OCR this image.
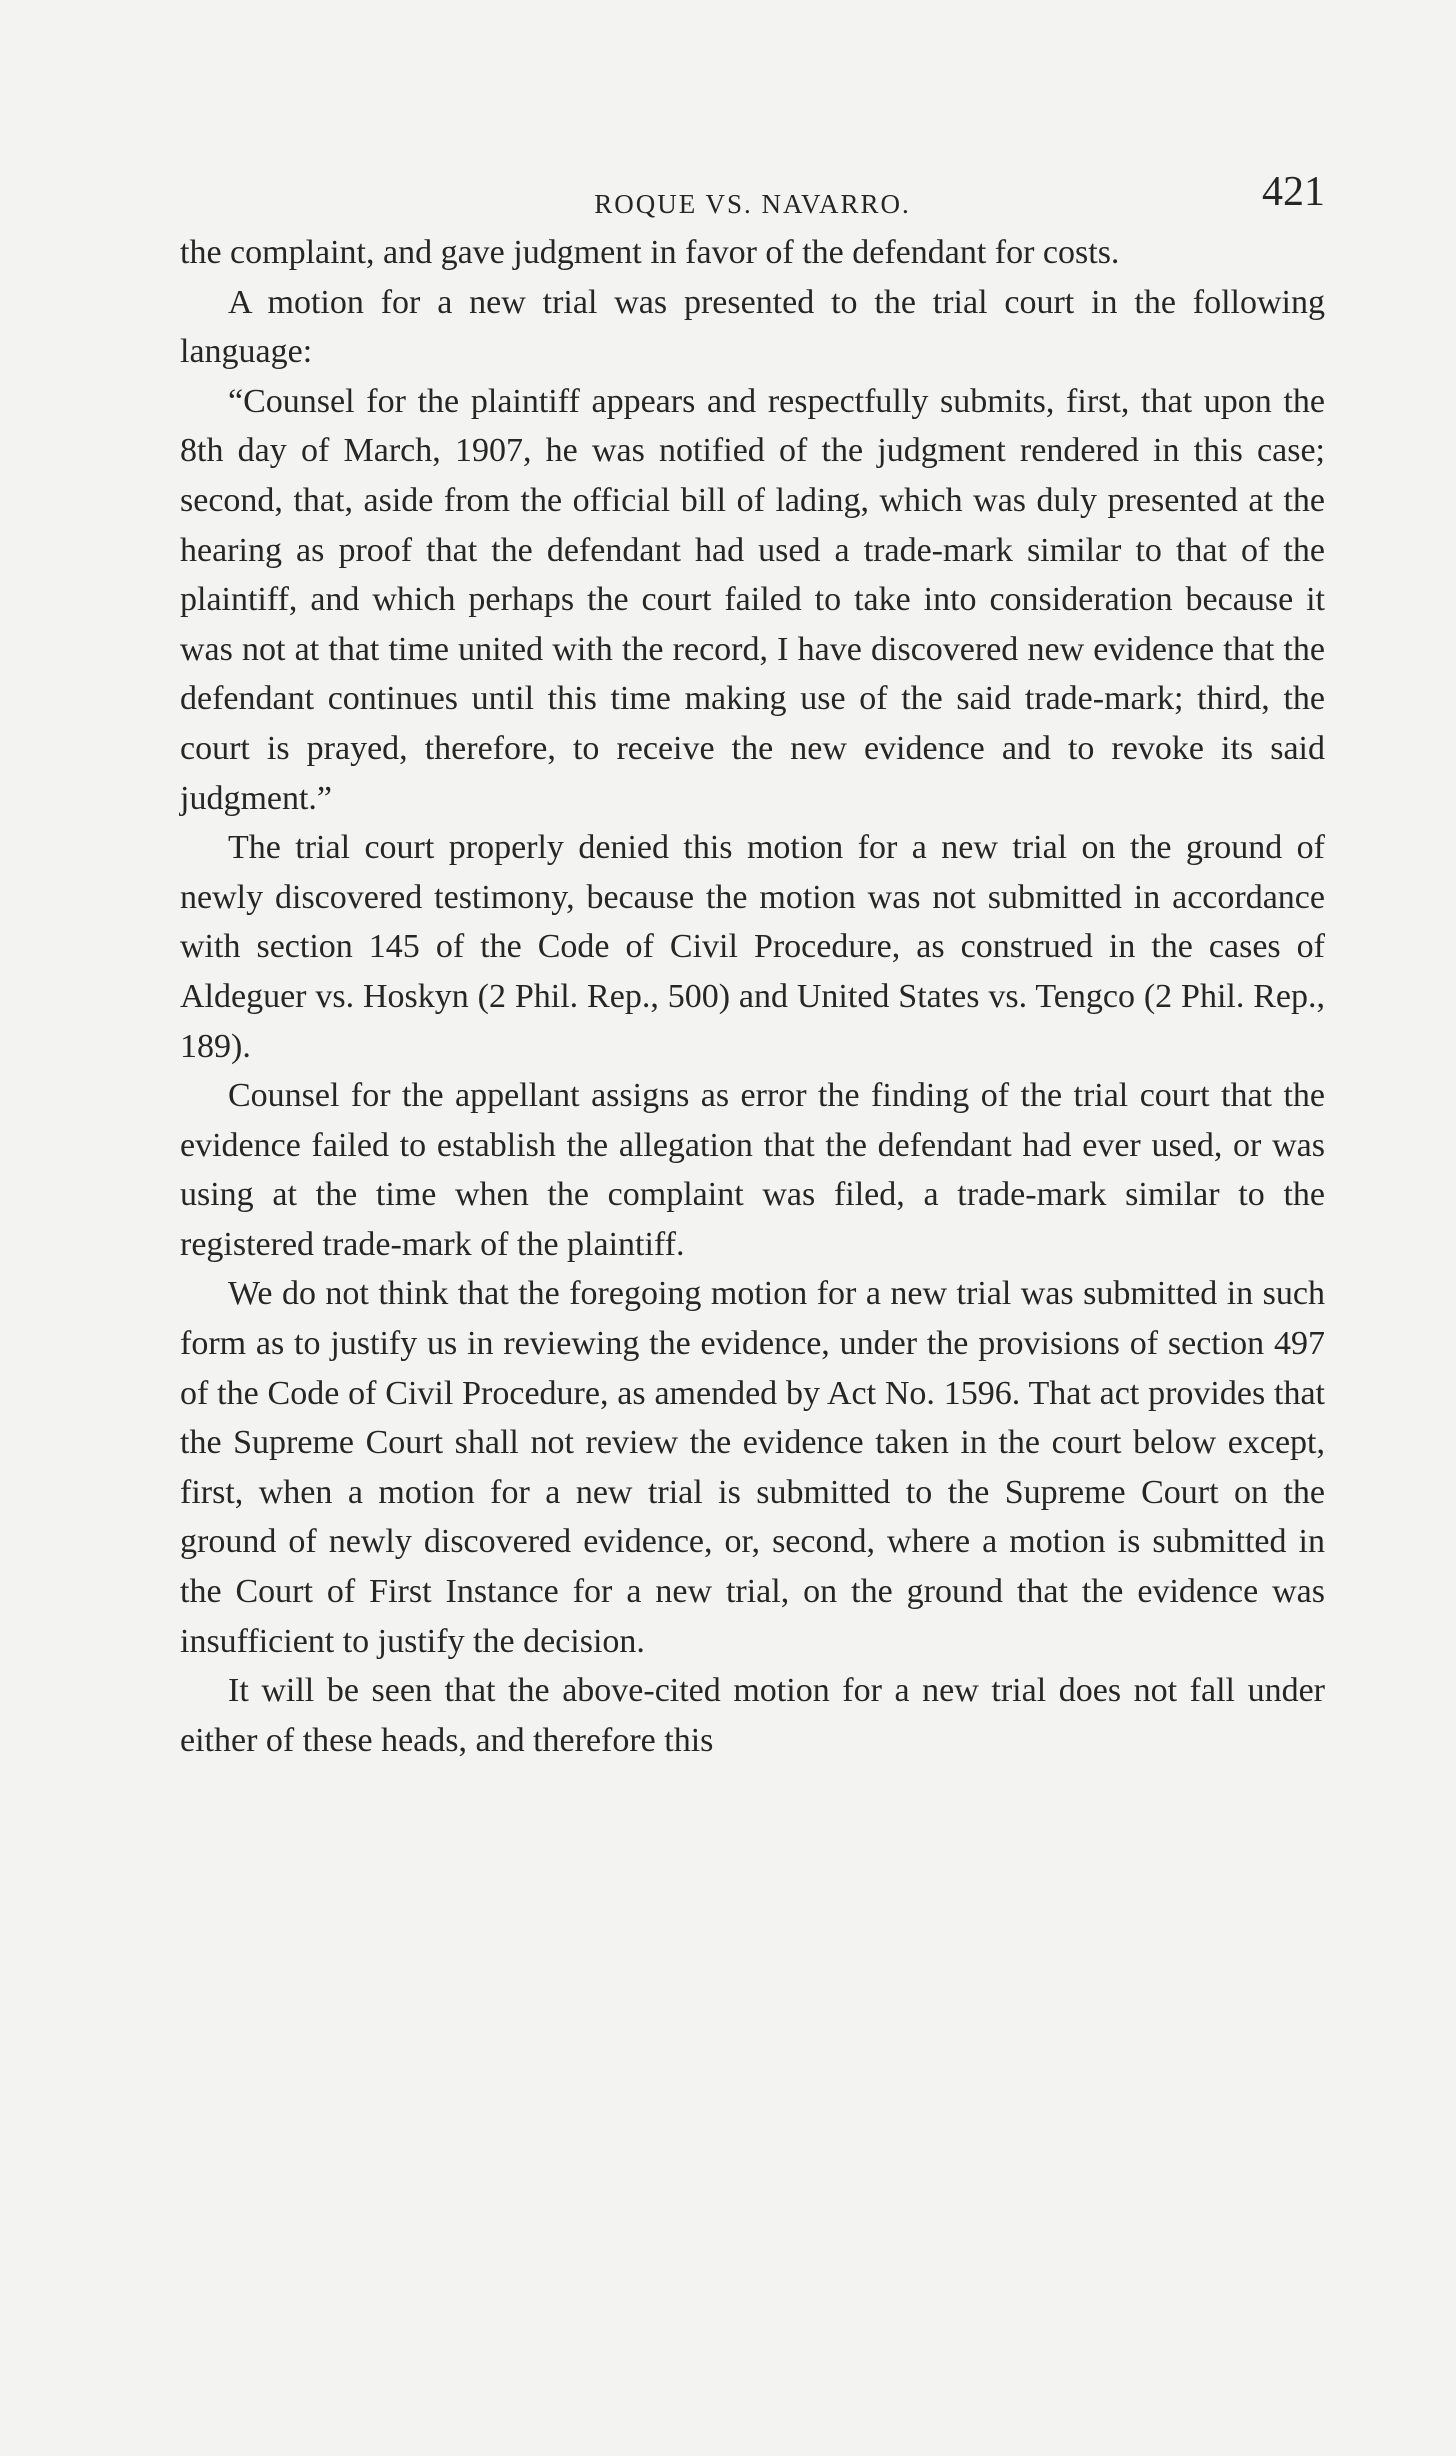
ROQUE VS. NAVARRO.	421

the complaint, and gave judgment in favor of the defendant for costs.

A motion for a new trial was presented to the trial court in the following language:

“Counsel for the plaintiff appears and respectfully submits, first, that upon the 8th day of March, 1907, he was notified of the judgment rendered in this case; second, that, aside from the official bill of lading, which was duly presented at the hearing as proof that the defendant had used a trade-mark similar to that of the plaintiff, and which perhaps the court failed to take into consideration because it was not at that time united with the record, I have discovered new evidence that the defendant continues until this time making use of the said trade-mark; third, the court is prayed, therefore, to receive the new evidence and to revoke its said judgment.”

The trial court properly denied this motion for a new trial on the ground of newly discovered testimony, because the motion was not submitted in accordance with section 145 of the Code of Civil Procedure, as construed in the cases of Aldeguer vs. Hoskyn (2 Phil. Rep., 500) and United States vs. Tengco (2 Phil. Rep., 189).

Counsel for the appellant assigns as error the finding of the trial court that the evidence failed to establish the allegation that the defendant had ever used, or was using at the time when the complaint was filed, a trade-mark similar to the registered trade-mark of the plaintiff.

We do not think that the foregoing motion for a new trial was submitted in such form as to justify us in reviewing the evidence, under the provisions of section 497 of the Code of Civil Procedure, as amended by Act No. 1596. That act provides that the Supreme Court shall not review the evidence taken in the court below except, first, when a motion for a new trial is submitted to the Supreme Court on the ground of newly discovered evidence, or, second, where a motion is submitted in the Court of First Instance for a new trial, on the ground that the evidence was insufficient to justify the decision.

It will be seen that the above-cited motion for a new trial does not fall under either of these heads, and therefore this
